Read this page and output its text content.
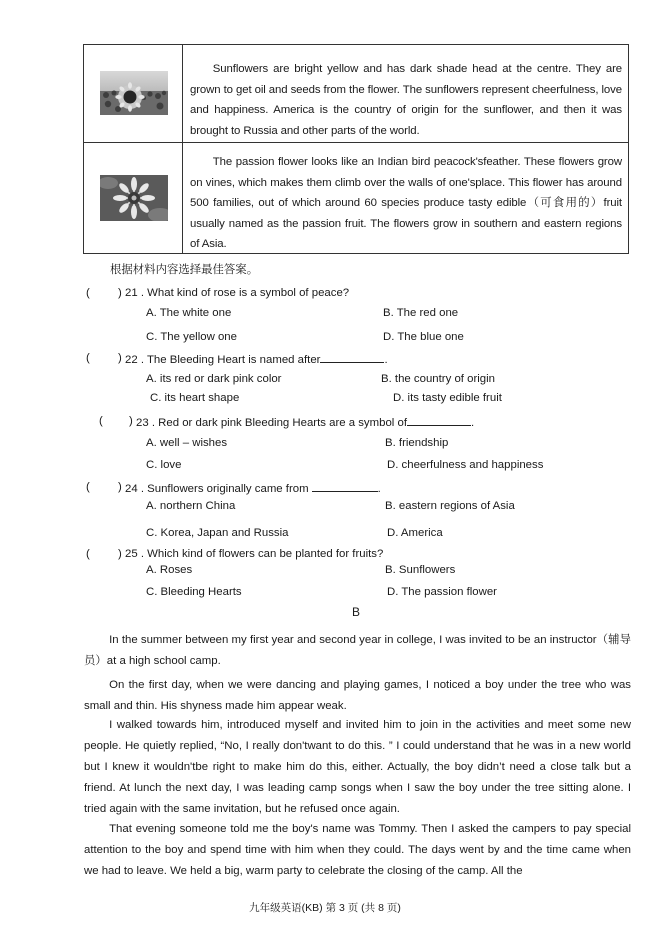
Sunflowers are bright yellow and has dark shade head at the centre. They are grown to get oil and seeds from the flower. The sunflowers represent cheerfulness, love and happiness. America is the country of origin for the sunflower, and then it was brought to Russia and other parts of the world.

The passion flower looks like an Indian bird peacock'sfeather. These flowers grow on vines, which makes them climb over the walls of one'splace. This flower has around 500 families, out of which around 60 species produce tasty edible（可食用的）fruit usually named as the passion fruit. The flowers grow in southern and eastern regions of Asia.

根据材料内容选择最佳答案。
( ) 21 . What kind of rose is a symbol of peace?
A. The white one	B. The red one
C. The yellow one	D. The blue one
( ) 22 . The Bleeding Heart is named after	.
A. its red or dark pink color	B. the country of origin
C. its heart shape	D. its tasty edible fruit
( ) 23 . Red or dark pink Bleeding Hearts are a symbol of	.
A. well – wishes	B. friendship
C. love	D. cheerfulness and happiness
( ) 24 . Sunflowers originally came from	.
A. northern China	B. eastern regions of Asia
C. Korea, Japan and Russia	D. America
( ) 25 . Which kind of flowers can be planted for fruits?
A. Roses	B. Sunflowers
C. Bleeding Hearts	D. The passion flower
B

In the summer between my first year and second year in college, I was invited to be an instructor（辅导员）at a high school camp.

On the first day, when we were dancing and playing games, I noticed a boy under the tree who was small and thin. His shyness made him appear weak.

I walked towards him, introduced myself and invited him to join in the activities and meet some new people. He quietly replied, “No, I really don'twant to do this. ” I could understand that he was in a new world but I knew it wouldn'tbe right to make him do this, either. Actually, the boy didn’t need a close talk but a friend. At lunch the next day, I was leading camp songs when I saw the boy under the tree sitting alone. I tried again with the same invitation, but he refused once again.

That evening someone told me the boy's name was Tommy. Then I asked the campers to pay special attention to the boy and spend time with him when they could. The days went by and the time came when we had to leave. We held a big, warm party to celebrate the closing of the camp. All the

九年级英语(KB) 第 3 页 (共 8 页)
